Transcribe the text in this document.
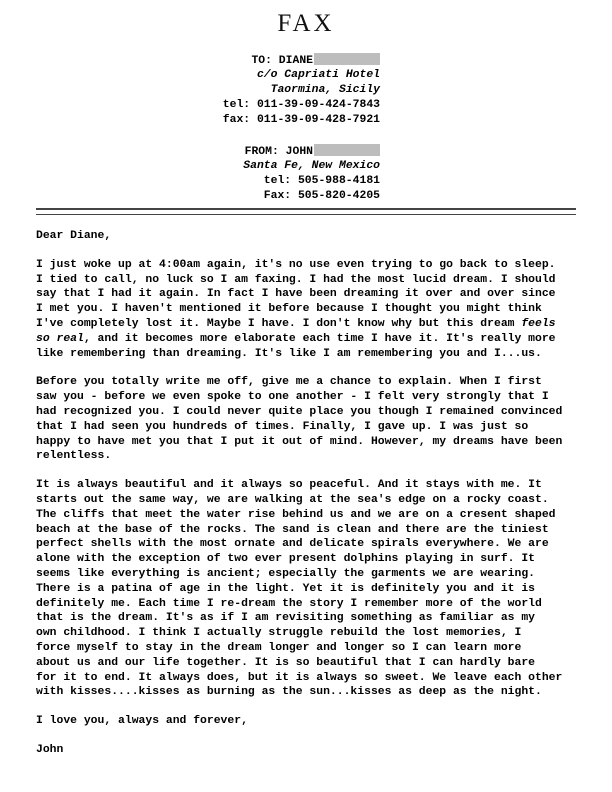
FAX
TO: DIANE
c/o Capriati Hotel
Taormina, Sicily
tel: 011-39-09-424-7843
fax: 011-39-09-428-7921
FROM: JOHN
Santa Fe, New Mexico
tel: 505-988-4181
Fax: 505-820-4205

Dear Diane,

I just woke up at 4:00am again, it's no use even trying to go back to sleep.

I tied to call, no luck so I am faxing. I had the most lucid dream. I should

say that I had it again. In fact I have been dreaming it over and over since

I met you. I haven't mentioned it before because I thought you might think

I've completely lost it. Maybe I have. I don't know why but this dream feels

so real, and it becomes more elaborate each time I have it. It's really more

like remembering than dreaming. It's like I am remembering you and I...us.

Before you totally write me off, give me a chance to explain. When I first

saw you - before we even spoke to one another - I felt very strongly that I

had recognized you. I could never quite place you though I remained convinced

that I had seen you hundreds of times. Finally, I gave up. I was just so

happy to have met you that I put it out of mind. However, my dreams have been

relentless.

It is always beautiful and it always so peaceful. And it stays with me. It

starts out the same way, we are walking at the sea's edge on a rocky coast.

The cliffs that meet the water rise behind us and we are on a cresent shaped

beach at the base of the rocks. The sand is clean and there are the tiniest

perfect shells with the most ornate and delicate spirals everywhere. We are

alone with the exception of two ever present dolphins playing in surf. It

seems like everything is ancient; especially the garments we are wearing.

There is a patina of age in the light. Yet it is definitely you and it is

definitely me. Each time I re-dream the story I remember more of the world

that is the dream. It's as if I am revisiting something as familiar as my

own childhood. I think I actually struggle rebuild the lost memories, I

force myself to stay in the dream longer and longer so I can learn more

about us and our life together. It is so beautiful that I can hardly bare

for it to end. It always does, but it is always so sweet. We leave each other

with kisses....kisses as burning as the sun...kisses as deep as the night.

I love you, always and forever,

John
